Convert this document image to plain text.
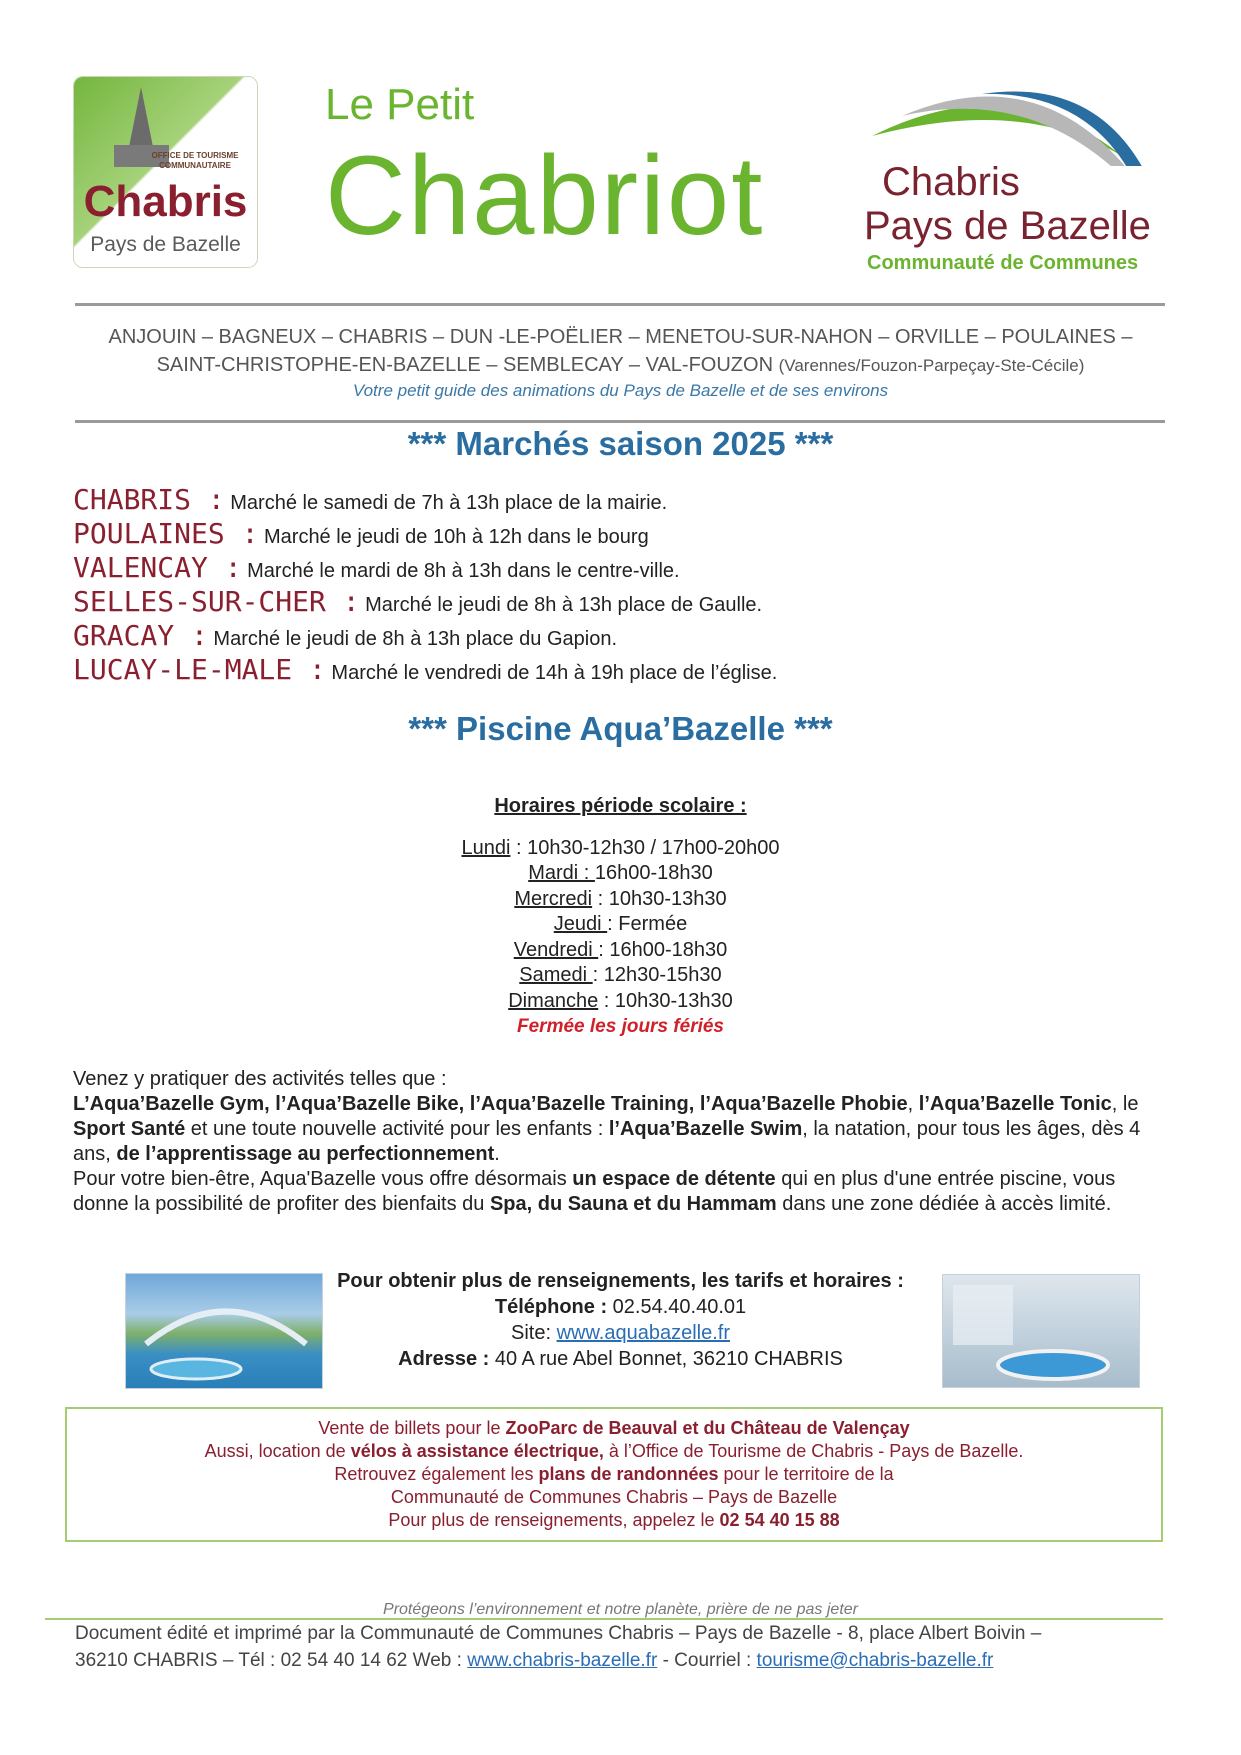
OFFICE DE TOURISME COMMUNAUTAIRE
Chabris
Pays de Bazelle
Le Petit
Chabriot	Chabris
Pays de Bazelle
Communauté de Communes
ANJOUIN – BAGNEUX – CHABRIS – DUN -LE-POËLIER – MENETOU-SUR-NAHON – ORVILLE – POULAINES –
SAINT-CHRISTOPHE-EN-BAZELLE – SEMBLECAY – VAL-FOUZON (Varennes/Fouzon-Parpeçay-Ste-Cécile)
Votre petit guide des animations du Pays de Bazelle et de ses environs
*** Marchés saison 2025 ***
CHABRIS : Marché le samedi de 7h à 13h place de la mairie.
POULAINES : Marché le jeudi de 10h à 12h dans le bourg
VALENCAY : Marché le mardi de 8h à 13h dans le centre-ville.
SELLES-SUR-CHER : Marché le jeudi de 8h à 13h place de Gaulle.
GRACAY : Marché le jeudi de 8h à 13h place du Gapion.
LUCAY-LE-MALE : Marché le vendredi de 14h à 19h place de l’église.
*** Piscine Aqua’Bazelle ***
Horaires période scolaire :
Lundi : 10h30-12h30 / 17h00-20h00
Mardi : 16h00-18h30
Mercredi : 10h30-13h30
Jeudi : Fermée
Vendredi : 16h00-18h30
Samedi : 12h30-15h30
Dimanche : 10h30-13h30
Fermée les jours fériés
Venez y pratiquer des activités telles que :
L’Aqua’Bazelle Gym, l’Aqua’Bazelle Bike, l’Aqua’Bazelle Training, l’Aqua’Bazelle Phobie, l’Aqua’Bazelle Tonic, le Sport Santé et une toute nouvelle activité pour les enfants : l’Aqua’Bazelle Swim, la natation, pour tous les âges, dès 4 ans, de l’apprentissage au perfectionnement.
Pour votre bien-être, Aqua'Bazelle vous offre désormais un espace de détente qui en plus d'une entrée piscine, vous donne la possibilité de profiter des bienfaits du Spa, du Sauna et du Hammam dans une zone dédiée à accès limité.
Pour obtenir plus de renseignements, les tarifs et horaires :
Téléphone : 02.54.40.40.01
Site: www.aquabazelle.fr
Adresse : 40 A rue Abel Bonnet, 36210 CHABRIS
Vente de billets pour le ZooParc de Beauval et du Château de Valençay
Aussi, location de vélos à assistance électrique, à l’Office de Tourisme de Chabris - Pays de Bazelle.
Retrouvez également les plans de randonnées pour le territoire de la
Communauté de Communes Chabris – Pays de Bazelle
Pour plus de renseignements, appelez le 02 54 40 15 88
Protégeons l’environnement et notre planète, prière de ne pas jeter
Document édité et imprimé par la Communauté de Communes Chabris – Pays de Bazelle - 8, place Albert Boivin –
36210 CHABRIS – Tél : 02 54 40 14 62 Web : www.chabris-bazelle.fr - Courriel : tourisme@chabris-bazelle.fr
